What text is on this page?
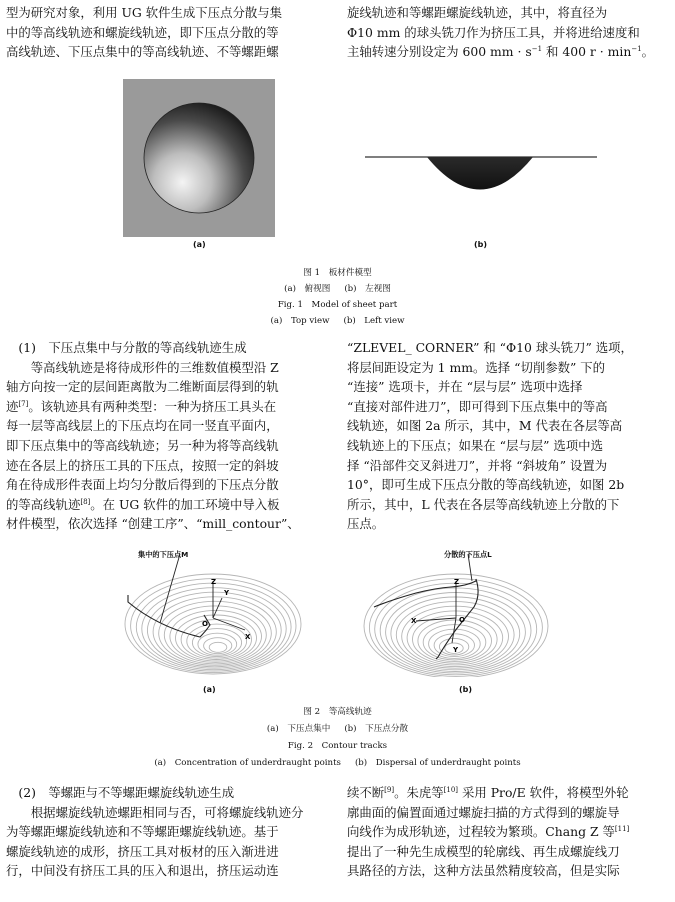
型为研究对象，利用 UG 软件生成下压点分散与集

中的等高线轨迹和螺旋线轨迹，即下压点分散的等

高线轨迹、下压点集中的等高线轨迹、不等螺距螺

旋线轨迹和等螺距螺旋线轨迹，其中，将直径为

Φ10 mm 的球头铣刀作为挤压工具，并将进给速度和

主轴转速分别设定为 600 mm · $s^{-1}$ 和 400 $r \cdot \min^{-1}$。

(a)	(b)
图 1　板材件模型
(a)　俯视图 (b)　左视图
Fig. 1　Model of sheet part
(a)　Top view (b)　Left view

(1)　下压点集中与分散的等高线轨迹生成

等高线轨迹是将待成形件的三维数值模型沿 Z

轴方向按一定的层间距离散为二维断面层得到的轨

迹[7]。该轨迹具有两种类型：一种为挤压工具头在

每一层等高线层上的下压点均在同一竖直平面内，

即下压点集中的等高线轨迹；另一种为将等高线轨

迹在各层上的挤压工具的下压点，按照一定的斜坡

角在待成形件表面上均匀分散后得到的下压点分散

的等高线轨迹[8]。在 UG 软件的加工环境中导入板

材件模型，依次选择 “创建工序”、“mill_contour”、

“ZLEVEL_ CORNER” 和 “Φ10 球头铣刀” 选项，

将层间距设定为 1 mm。选择 “切削参数” 下的

“连接” 选项卡，并在 “层与层” 选项中选择

“直接对部件进刀”，即可得到下压点集中的等高

线轨迹，如图 2a 所示，其中，M 代表在各层等高

线轨迹上的下压点；如果在 “层与层” 选项中选

择 “沿部件交叉斜进刀”，并将 “斜坡角” 设置为

10°，即可生成下压点分散的等高线轨迹，如图 2b

所示，其中，L 代表在各层等高线轨迹上分散的下

压点。

集中的下压点M
Z
Y
X
O
(a)
分散的下压点L
Z
X
Y
O
(b)
图 2　等高线轨迹
(a)　下压点集中 (b)　下压点分散
Fig. 2　Contour tracks
(a)　Concentration of underdraught points (b)　Dispersal of underdraught points

(2)　等螺距与不等螺距螺旋线轨迹生成

根据螺旋线轨迹螺距相同与否，可将螺旋线轨迹分

为等螺距螺旋线轨迹和不等螺距螺旋线轨迹。基于

螺旋线轨迹的成形，挤压工具对板材的压入渐进进

行，中间没有挤压工具的压入和退出，挤压运动连

续不断[9]。朱虎等[10] 采用 Pro/E 软件，将模型外轮

廓曲面的偏置面通过螺旋扫描的方式得到的螺旋导

向线作为成形轨迹，过程较为繁琐。Chang Z 等[11]

提出了一种先生成模型的轮廓线、再生成螺旋线刀

具路径的方法，这种方法虽然精度较高，但是实际
